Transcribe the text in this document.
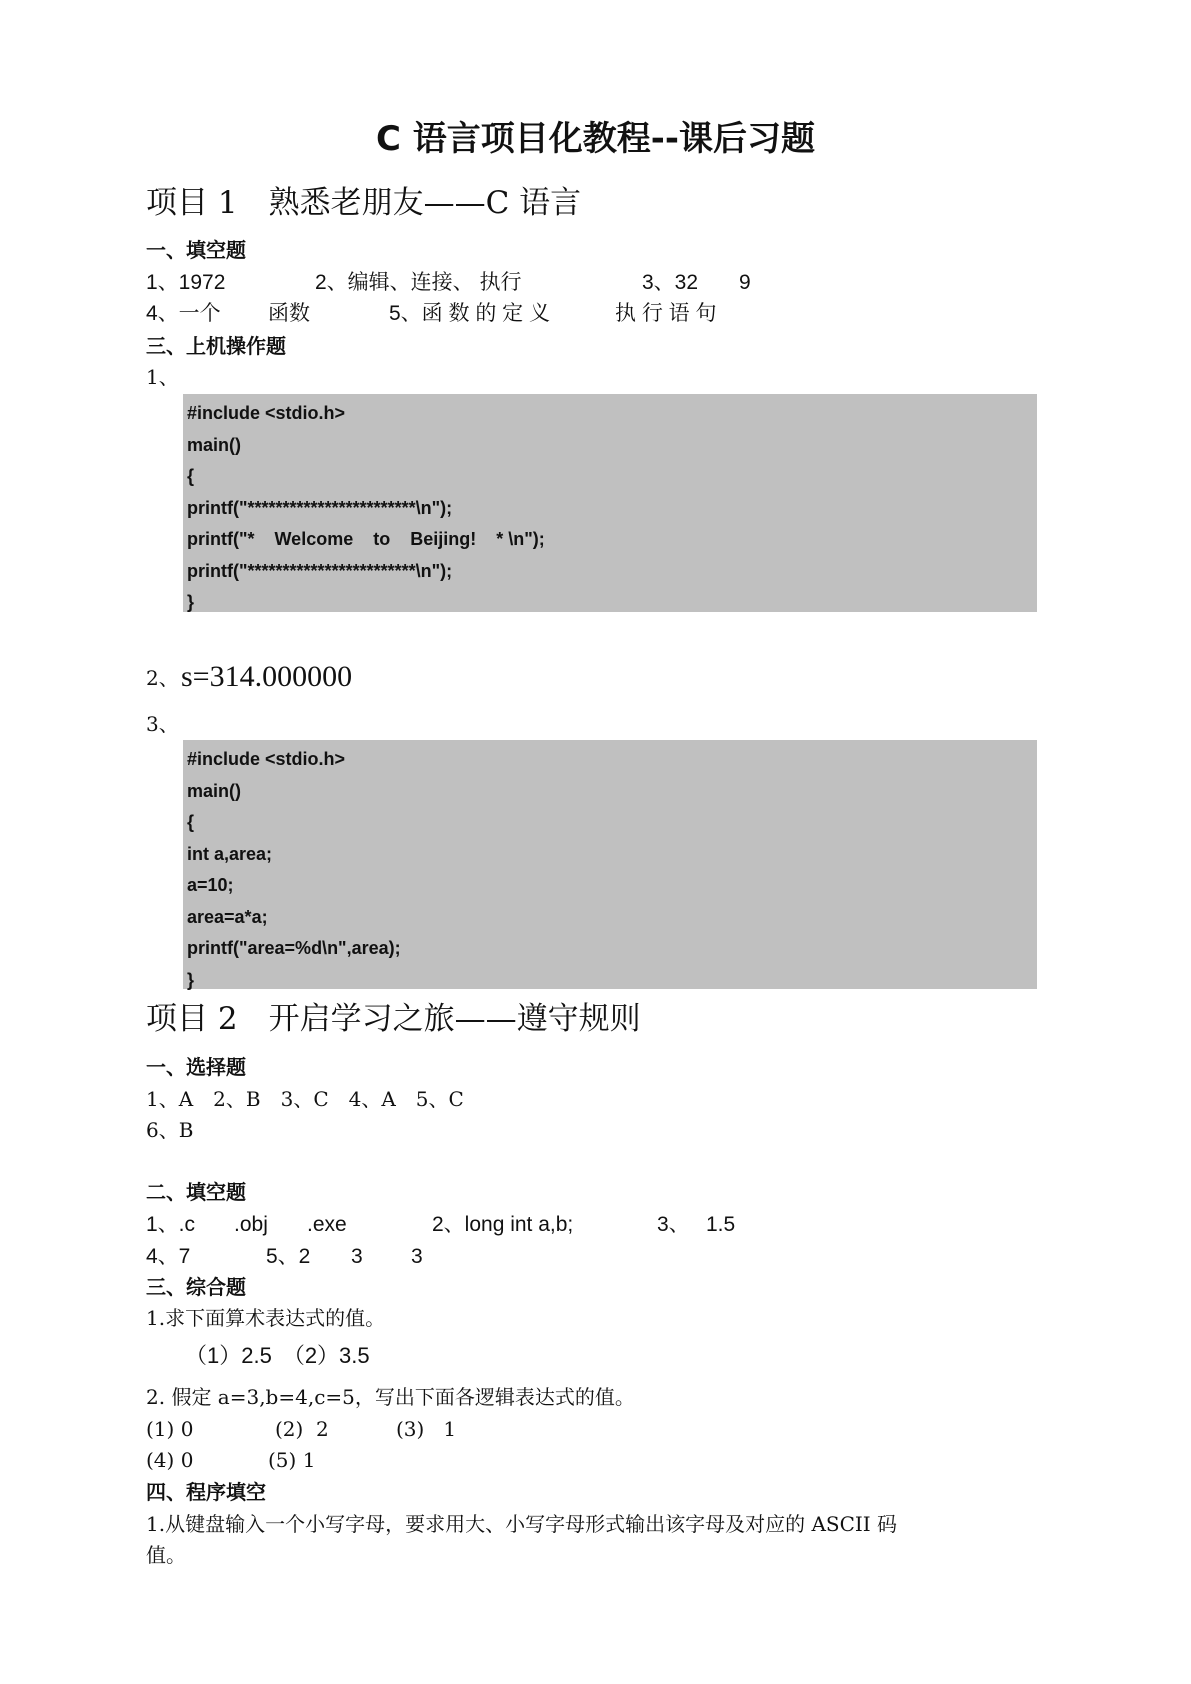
C 语言项目化教程--课后习题
项目 1　熟悉老朋友——C 语言
一、填空题
1、1972	2、编辑、连接、 执行	3、32 9
4、一个 函数	5、函 数 的 定 义	执 行 语 句
三、上机操作题
1、
#include <stdio.h>
main()
{
printf("************************\n");
printf("*    Welcome    to    Beijing!    * \n");
printf("************************\n");
}
2、 s=314.000000
3、
#include <stdio.h>
main()
{
int a,area;
a=10;
area=a*a;
printf("area=%d\n",area);
}
项目 2　开启学习之旅——遵守规则
一、选择题
1、A　2、B　3、C　4、A　5、C
6、B
二、填空题
1、.c .obj .exe	2、long int a,b;	3、 1.5
4、7	5、2 3 3
三、综合题
1.求下面算术表达式的值。
（1）2.5　（2）3.5
2. 假定 a=3,b=4,c=5，写出下面各逻辑表达式的值。
(1) 0	(2)  2	(3)   1
(4) 0	(5) 1
四、程序填空
1.从键盘输入一个小写字母，要求用大、小写字母形式输出该字母及对应的 ASCII 码
值。
